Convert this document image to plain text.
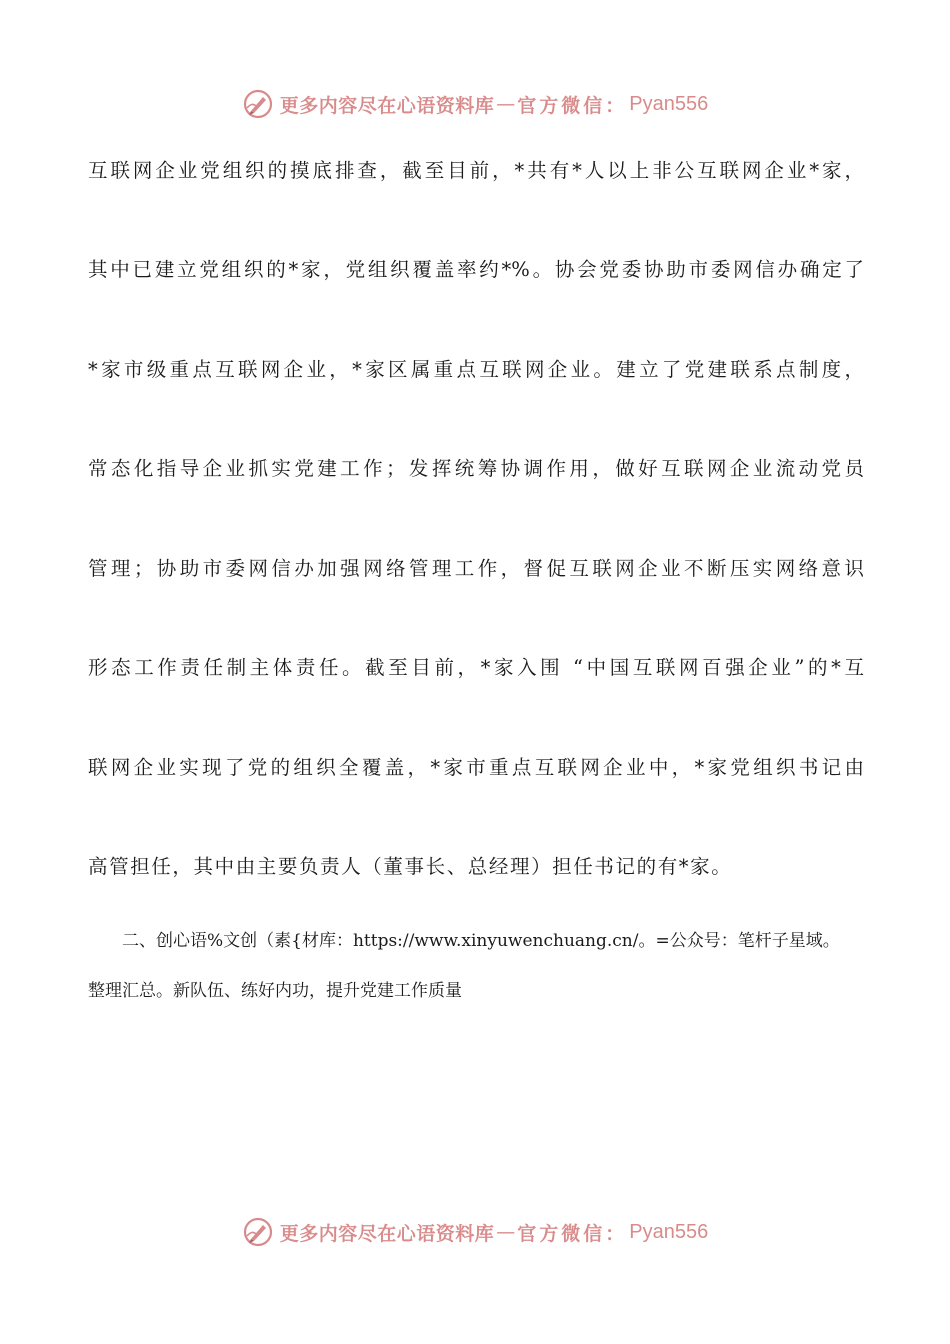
更多内容尽在心语资料库 — 官方微信： Pyan556
互联网企业党组织的摸底排查，截至目前，*共有*人以上非公互联网企业*家，
其中已建立党组织的*家，党组织覆盖率约*%。协会党委协助市委网信办确定了
*家市级重点互联网企业，*家区属重点互联网企业。建立了党建联系点制度，
常态化指导企业抓实党建工作；发挥统筹协调作用，做好互联网企业流动党员
管理；协助市委网信办加强网络管理工作，督促互联网企业不断压实网络意识
形态工作责任制主体责任。截至目前，*家入围 “中国互联网百强企业”的*互
联网企业实现了党的组织全覆盖，*家市重点互联网企业中，*家党组织书记由
高管担任，其中由主要负责人（董事长、总经理）担任书记的有*家。
二、创心语%文创（素{材库：https://www.xinyuwenchuang.cn/。=公众号：笔杆子星域。
整理汇总。新队伍、练好内功，提升党建工作质量
更多内容尽在心语资料库 — 官方微信： Pyan556
